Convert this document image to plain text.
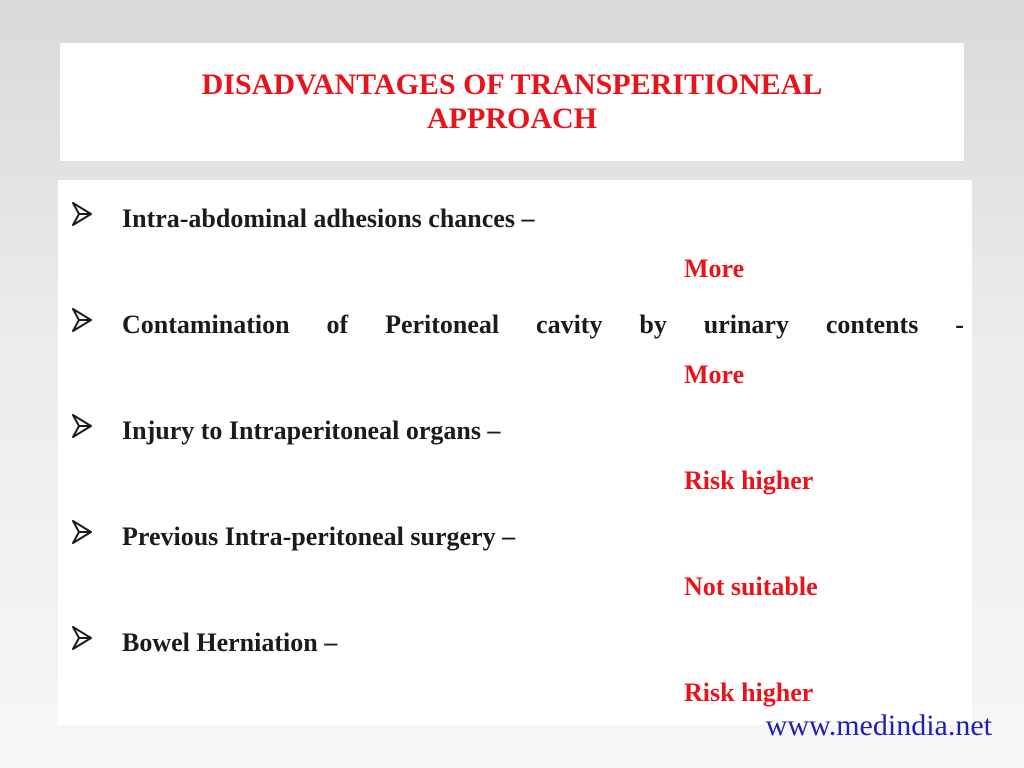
DISADVANTAGES OF TRANSPERITIONEAL APPROACH
Intra-abdominal adhesions chances –
More
Contamination of Peritoneal cavity by urinary contents -
More
Injury to Intraperitoneal organs –
Risk higher
Previous Intra-peritoneal surgery –
Not suitable
Bowel Herniation –
Risk higher
www.medindia.net
